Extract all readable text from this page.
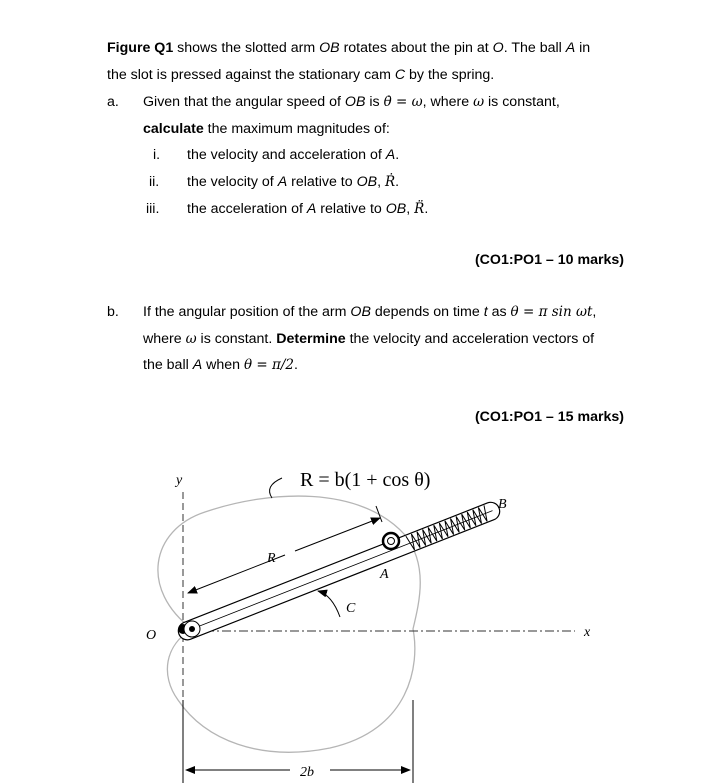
Figure Q1 shows the slotted arm OB rotates about the pin at O. The ball A in
the slot is pressed against the stationary cam C by the spring.
a. Given that the angular speed of OB is θ̇ = ω, where ω is constant,
calculate the maximum magnitudes of:
i. the velocity and acceleration of A.
ii. the velocity of A relative to OB, Ṙ.
iii. the acceleration of A relative to OB, R̈.
(CO1:PO1 – 10 marks)
b. If the angular position of the arm OB depends on time t as θ = π sin ωt,
where ω is constant. Determine the velocity and acceleration vectors of
the ball A when θ = π/2.
(CO1:PO1 – 15 marks)
R = b(1 + cos θ)
y
x
O
R
A
B
C
2b
